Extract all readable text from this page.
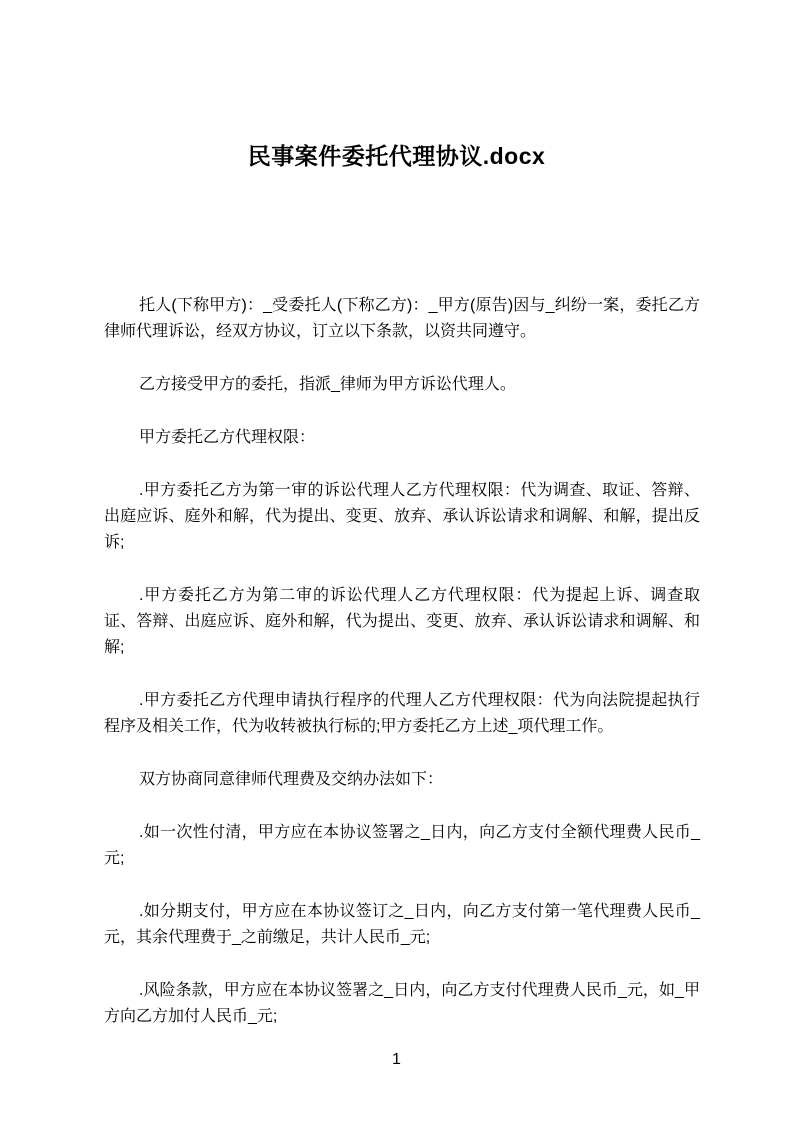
民事案件委托代理协议.docx

托人(下称甲方)：_受委托人(下称乙方)：_甲方(原告)因与_纠纷一案，委托乙方律师代理诉讼，经双方协议，订立以下条款，以资共同遵守。

乙方接受甲方的委托，指派_律师为甲方诉讼代理人。

甲方委托乙方代理权限：

.甲方委托乙方为第一审的诉讼代理人乙方代理权限：代为调查、取证、答辩、出庭应诉、庭外和解，代为提出、变更、放弃、承认诉讼请求和调解、和解，提出反诉;

.甲方委托乙方为第二审的诉讼代理人乙方代理权限：代为提起上诉、调查取证、答辩、出庭应诉、庭外和解，代为提出、变更、放弃、承认诉讼请求和调解、和解;

.甲方委托乙方代理申请执行程序的代理人乙方代理权限：代为向法院提起执行程序及相关工作，代为收转被执行标的;甲方委托乙方上述_项代理工作。

双方协商同意律师代理费及交纳办法如下：

.如一次性付清，甲方应在本协议签署之_日内，向乙方支付全额代理费人民币_元;

.如分期支付，甲方应在本协议签订之_日内，向乙方支付第一笔代理费人民币_元，其余代理费于_之前缴足，共计人民币_元;

.风险条款，甲方应在本协议签署之_日内，向乙方支付代理费人民币_元，如_甲方向乙方加付人民币_元;

1
